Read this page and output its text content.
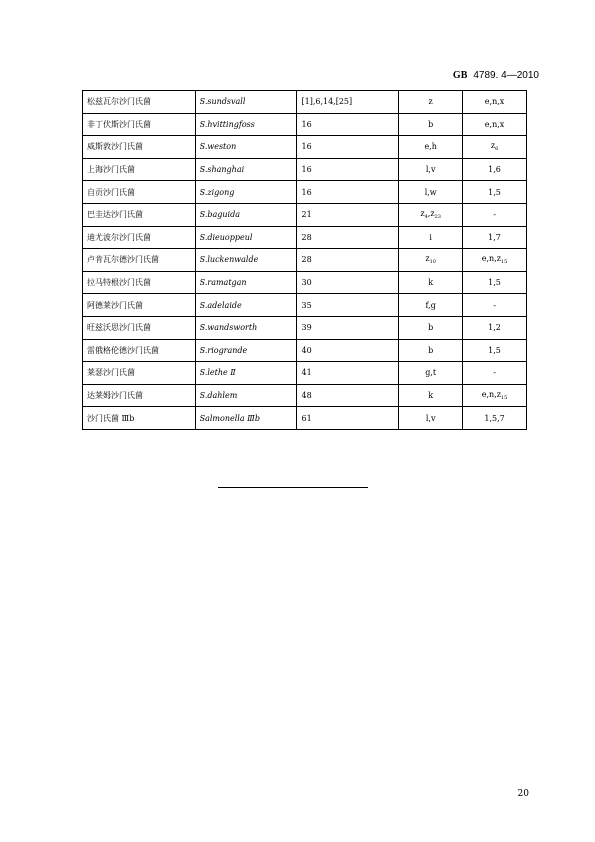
GB 4789. 4—2010
松兹瓦尔沙门氏菌	S.sundsvall	[1],6,14,[25]	z	e,n,x
非丁伏斯沙门氏菌	S.hvittingfoss	16	b	e,n,x
威斯敦沙门氏菌	S.weston	16	e,h	$z_6$
上海沙门氏菌	S.shanghai	16	l,v	1,6
自贡沙门氏菌	S.zigong	16	l,w	1,5
巴圭达沙门氏菌	S.baguida	21	$z_4,z_{23}$	-
迪尤波尔沙门氏菌	S.dieuoppeul	28	i	1,7
卢肯瓦尔德沙门氏菌	S.luckenwalde	28	$z_{10}$	$e,n,z_{15}$
拉马特根沙门氏菌	S.ramatgan	30	k	1,5
阿德莱沙门氏菌	S.adelaide	35	f,g	-
旺兹沃思沙门氏菌	S.wandsworth	39	b	1,2
雷俄格伦德沙门氏菌	S.riogrande	40	b	1,5
莱瑟沙门氏菌	S.lethe Ⅱ	41	g,t	-
达莱姆沙门氏菌	S.dahlem	48	k	$e,n,z_{15}$
沙门氏菌 Ⅲb	Salmonella Ⅲb	61	l,v	1,5,7
20
